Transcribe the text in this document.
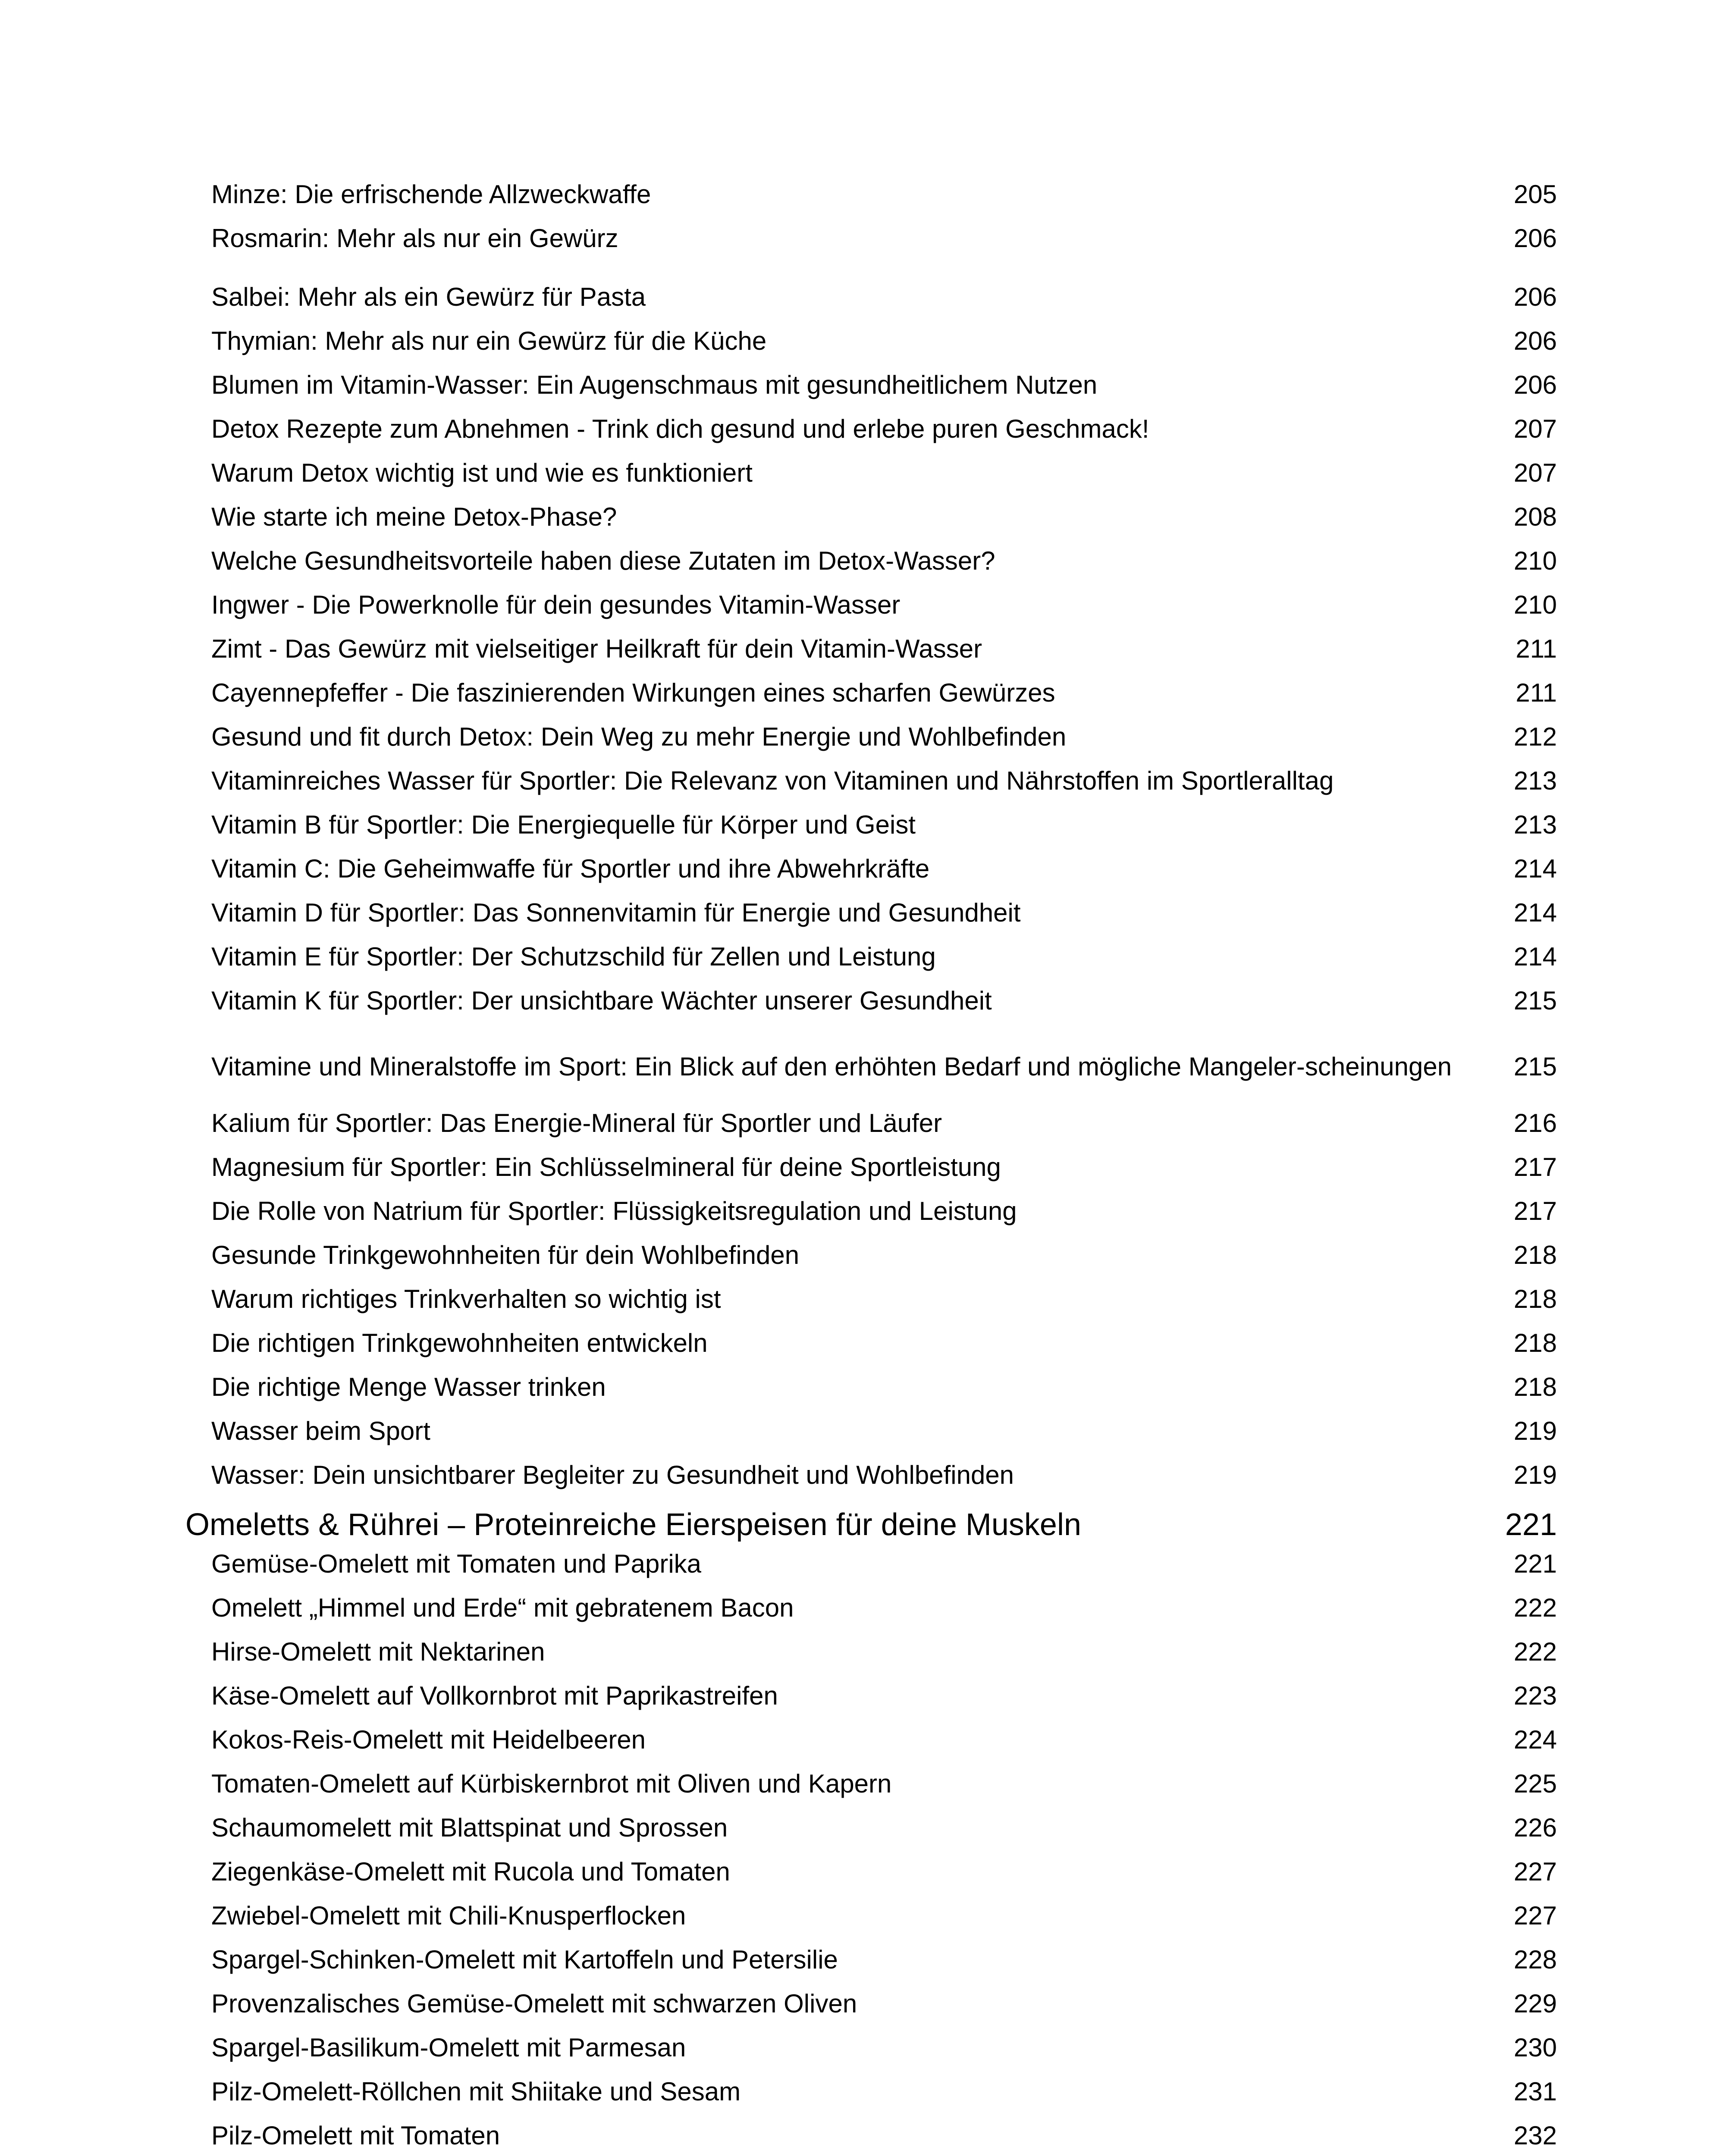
Minze: Die erfrischende Allzweckwaffe	205
Rosmarin: Mehr als nur ein Gewürz	206
Salbei: Mehr als ein Gewürz für Pasta	206
Thymian: Mehr als nur ein Gewürz für die Küche	206
Blumen im Vitamin-Wasser: Ein Augenschmaus mit gesundheitlichem Nutzen	206
Detox Rezepte zum Abnehmen - Trink dich gesund und erlebe puren Geschmack!	207
Warum Detox wichtig ist und wie es funktioniert	207
Wie starte ich meine Detox-Phase?	208
Welche Gesundheitsvorteile haben diese Zutaten im Detox-Wasser?	210
Ingwer - Die Powerknolle für dein gesundes Vitamin-Wasser	210
Zimt - Das Gewürz mit vielseitiger Heilkraft für dein Vitamin-Wasser	211
Cayennepfeffer - Die faszinierenden Wirkungen eines scharfen Gewürzes	211
Gesund und fit durch Detox: Dein Weg zu mehr Energie und Wohlbefinden	212
Vitaminreiches Wasser für Sportler: Die Relevanz von Vitaminen und Nährstoffen im Sportleralltag	213
Vitamin B für Sportler: Die Energiequelle für Körper und Geist	213
Vitamin C: Die Geheimwaffe für Sportler und ihre Abwehrkräfte	214
Vitamin D für Sportler: Das Sonnenvitamin für Energie und Gesundheit	214
Vitamin E für Sportler: Der Schutzschild für Zellen und Leistung	214
Vitamin K für Sportler: Der unsichtbare Wächter unserer Gesundheit	215
Vitamine und Mineralstoffe im Sport: Ein Blick auf den erhöhten Bedarf und mögliche Mangeler-scheinungen	215
Kalium für Sportler: Das Energie-Mineral für Sportler und Läufer	216
Magnesium für Sportler: Ein Schlüsselmineral für deine Sportleistung	217
Die Rolle von Natrium für Sportler: Flüssigkeitsregulation und Leistung	217
Gesunde Trinkgewohnheiten für dein Wohlbefinden	218
Warum richtiges Trinkverhalten so wichtig ist	218
Die richtigen Trinkgewohnheiten entwickeln	218
Die richtige Menge Wasser trinken	218
Wasser beim Sport	219
Wasser: Dein unsichtbarer Begleiter zu Gesundheit und Wohlbefinden	219
Omeletts & Rührei – Proteinreiche Eierspeisen für deine Muskeln	221
Gemüse-Omelett mit Tomaten und Paprika	221
Omelett „Himmel und Erde“ mit gebratenem Bacon	222
Hirse-Omelett mit Nektarinen	222
Käse-Omelett auf Vollkornbrot mit Paprikastreifen	223
Kokos-Reis-Omelett mit Heidelbeeren	224
Tomaten-Omelett auf Kürbiskernbrot mit Oliven und Kapern	225
Schaumomelett mit Blattspinat und Sprossen	226
Ziegenkäse-Omelett mit Rucola und Tomaten	227
Zwiebel-Omelett mit Chili-Knusperflocken	227
Spargel-Schinken-Omelett mit Kartoffeln und Petersilie	228
Provenzalisches Gemüse-Omelett mit schwarzen Oliven	229
Spargel-Basilikum-Omelett mit Parmesan	230
Pilz-Omelett-Röllchen mit Shiitake und Sesam	231
Pilz-Omelett mit Tomaten	232
